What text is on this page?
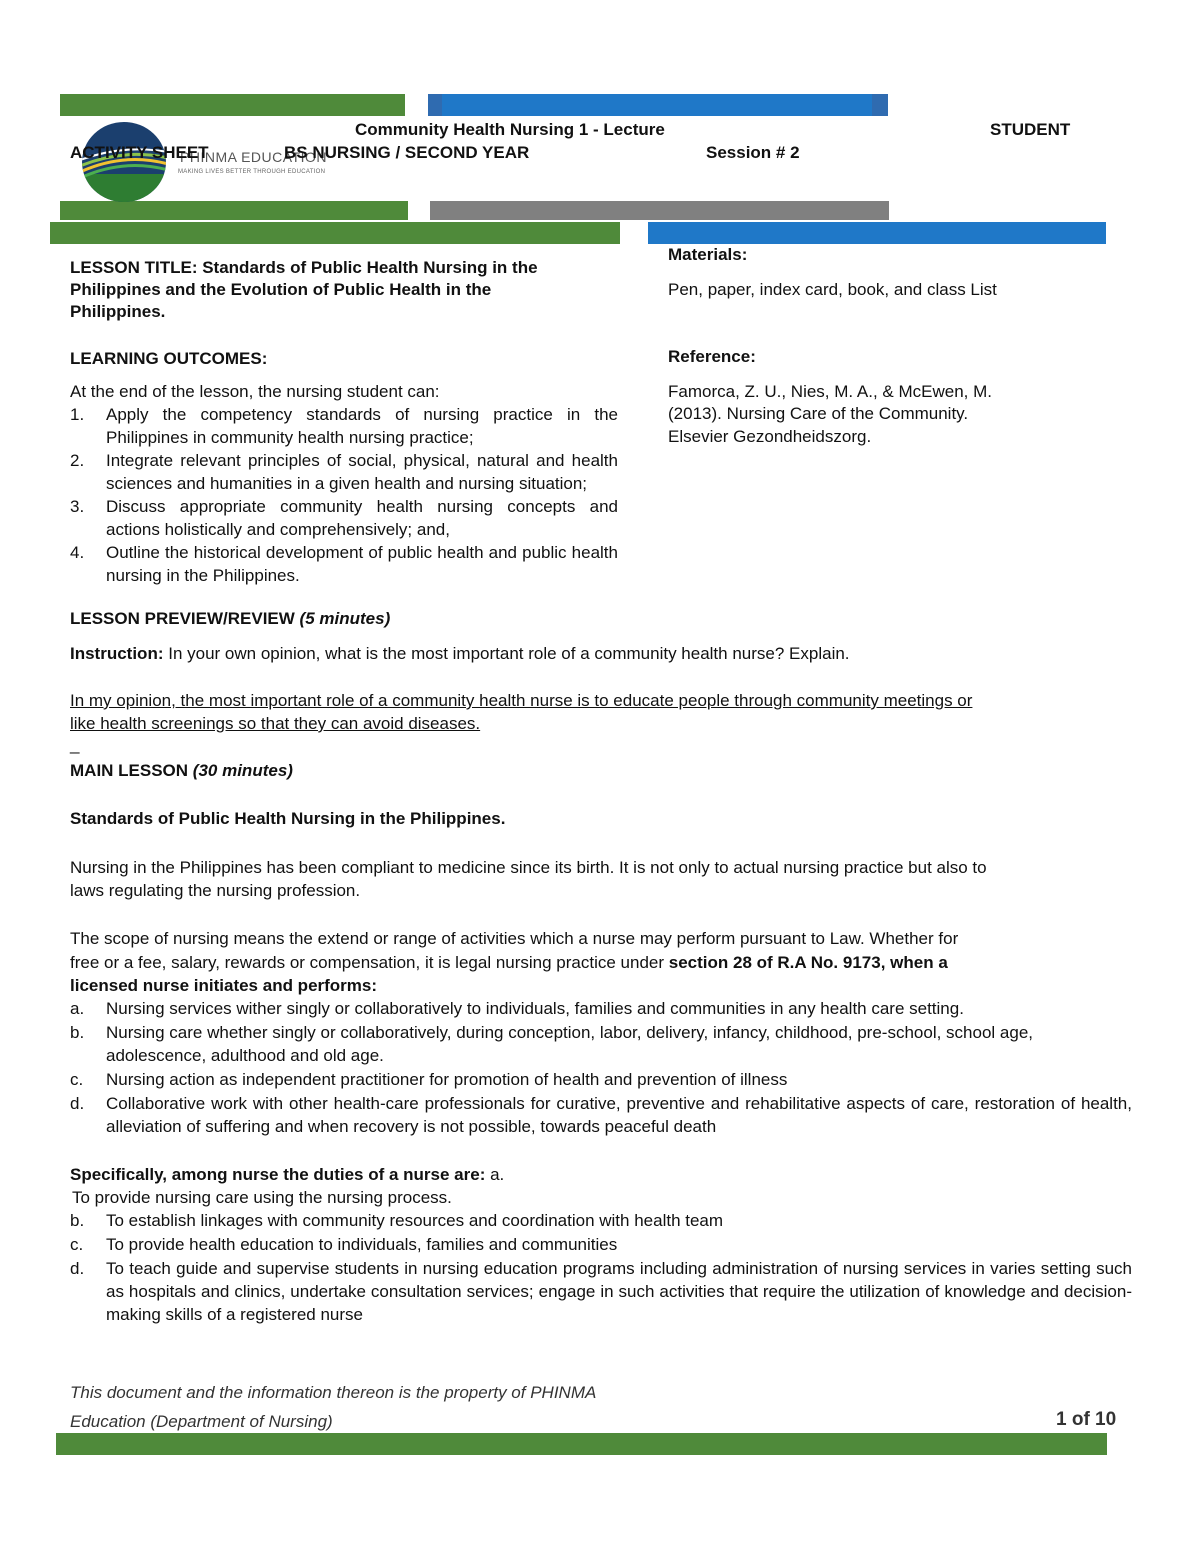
PHINMA EDUCATION
MAKING LIVES BETTER THROUGH EDUCATION
Community Health Nursing 1 - Lecture	STUDENT
ACTIVITY SHEET	BS NURSING / SECOND YEAR	Session # 2
LESSON TITLE: Standards of Public Health Nursing in the
Philippines and the Evolution of Public Health in the
Philippines.
LEARNING OUTCOMES:
At the end of the lesson, the nursing student can:
1. Apply the competency standards of nursing practice in the Philippines in community health nursing practice;
2. Integrate relevant principles of social, physical, natural and health sciences and humanities in a given health and nursing situation;
3. Discuss appropriate community health nursing concepts and actions holistically and comprehensively; and,
4. Outline the historical development of public health and public health nursing in the Philippines.
Materials:
Pen, paper, index card, book, and class List
Reference:
Famorca, Z. U., Nies, M. A., & McEwen, M.
(2013). Nursing Care of the Community.
Elsevier Gezondheidszorg.
LESSON PREVIEW/REVIEW (5 minutes)
Instruction: In your own opinion, what is the most important role of a community health nurse? Explain.
In my opinion, the most important role of a community health nurse is to educate people through community meetings or
like health screenings so that they can avoid diseases.
_
MAIN LESSON (30 minutes)
Standards of Public Health Nursing in the Philippines.
Nursing in the Philippines has been compliant to medicine since its birth. It is not only to actual nursing practice but also to
laws regulating the nursing profession.
The scope of nursing means the extend or range of activities which a nurse may perform pursuant to Law. Whether for
free or a fee, salary, rewards or compensation, it is legal nursing practice under section 28 of R.A No. 9173, when a
licensed nurse initiates and performs:
a. Nursing services wither singly or collaboratively to individuals, families and communities in any health care setting.
b. Nursing care whether singly or collaboratively, during conception, labor, delivery, infancy, childhood, pre-school, school age, adolescence, adulthood and old age.
c. Nursing action as independent practitioner for promotion of health and prevention of illness
d. Collaborative work with other health-care professionals for curative, preventive and rehabilitative aspects of care, restoration of health, alleviation of suffering and when recovery is not possible, towards peaceful death
Specifically, among nurse the duties of a nurse are: a.
To provide nursing care using the nursing process.
b. To establish linkages with community resources and coordination with health team
c. To provide health education to individuals, families and communities
d. To teach guide and supervise students in nursing education programs including administration of nursing services in varies setting such as hospitals and clinics, undertake consultation services; engage in such activities that require the utilization of knowledge and decision-making skills of a registered nurse
This document and the information thereon is the property of PHINMA
Education (Department of Nursing)	1 of 10
